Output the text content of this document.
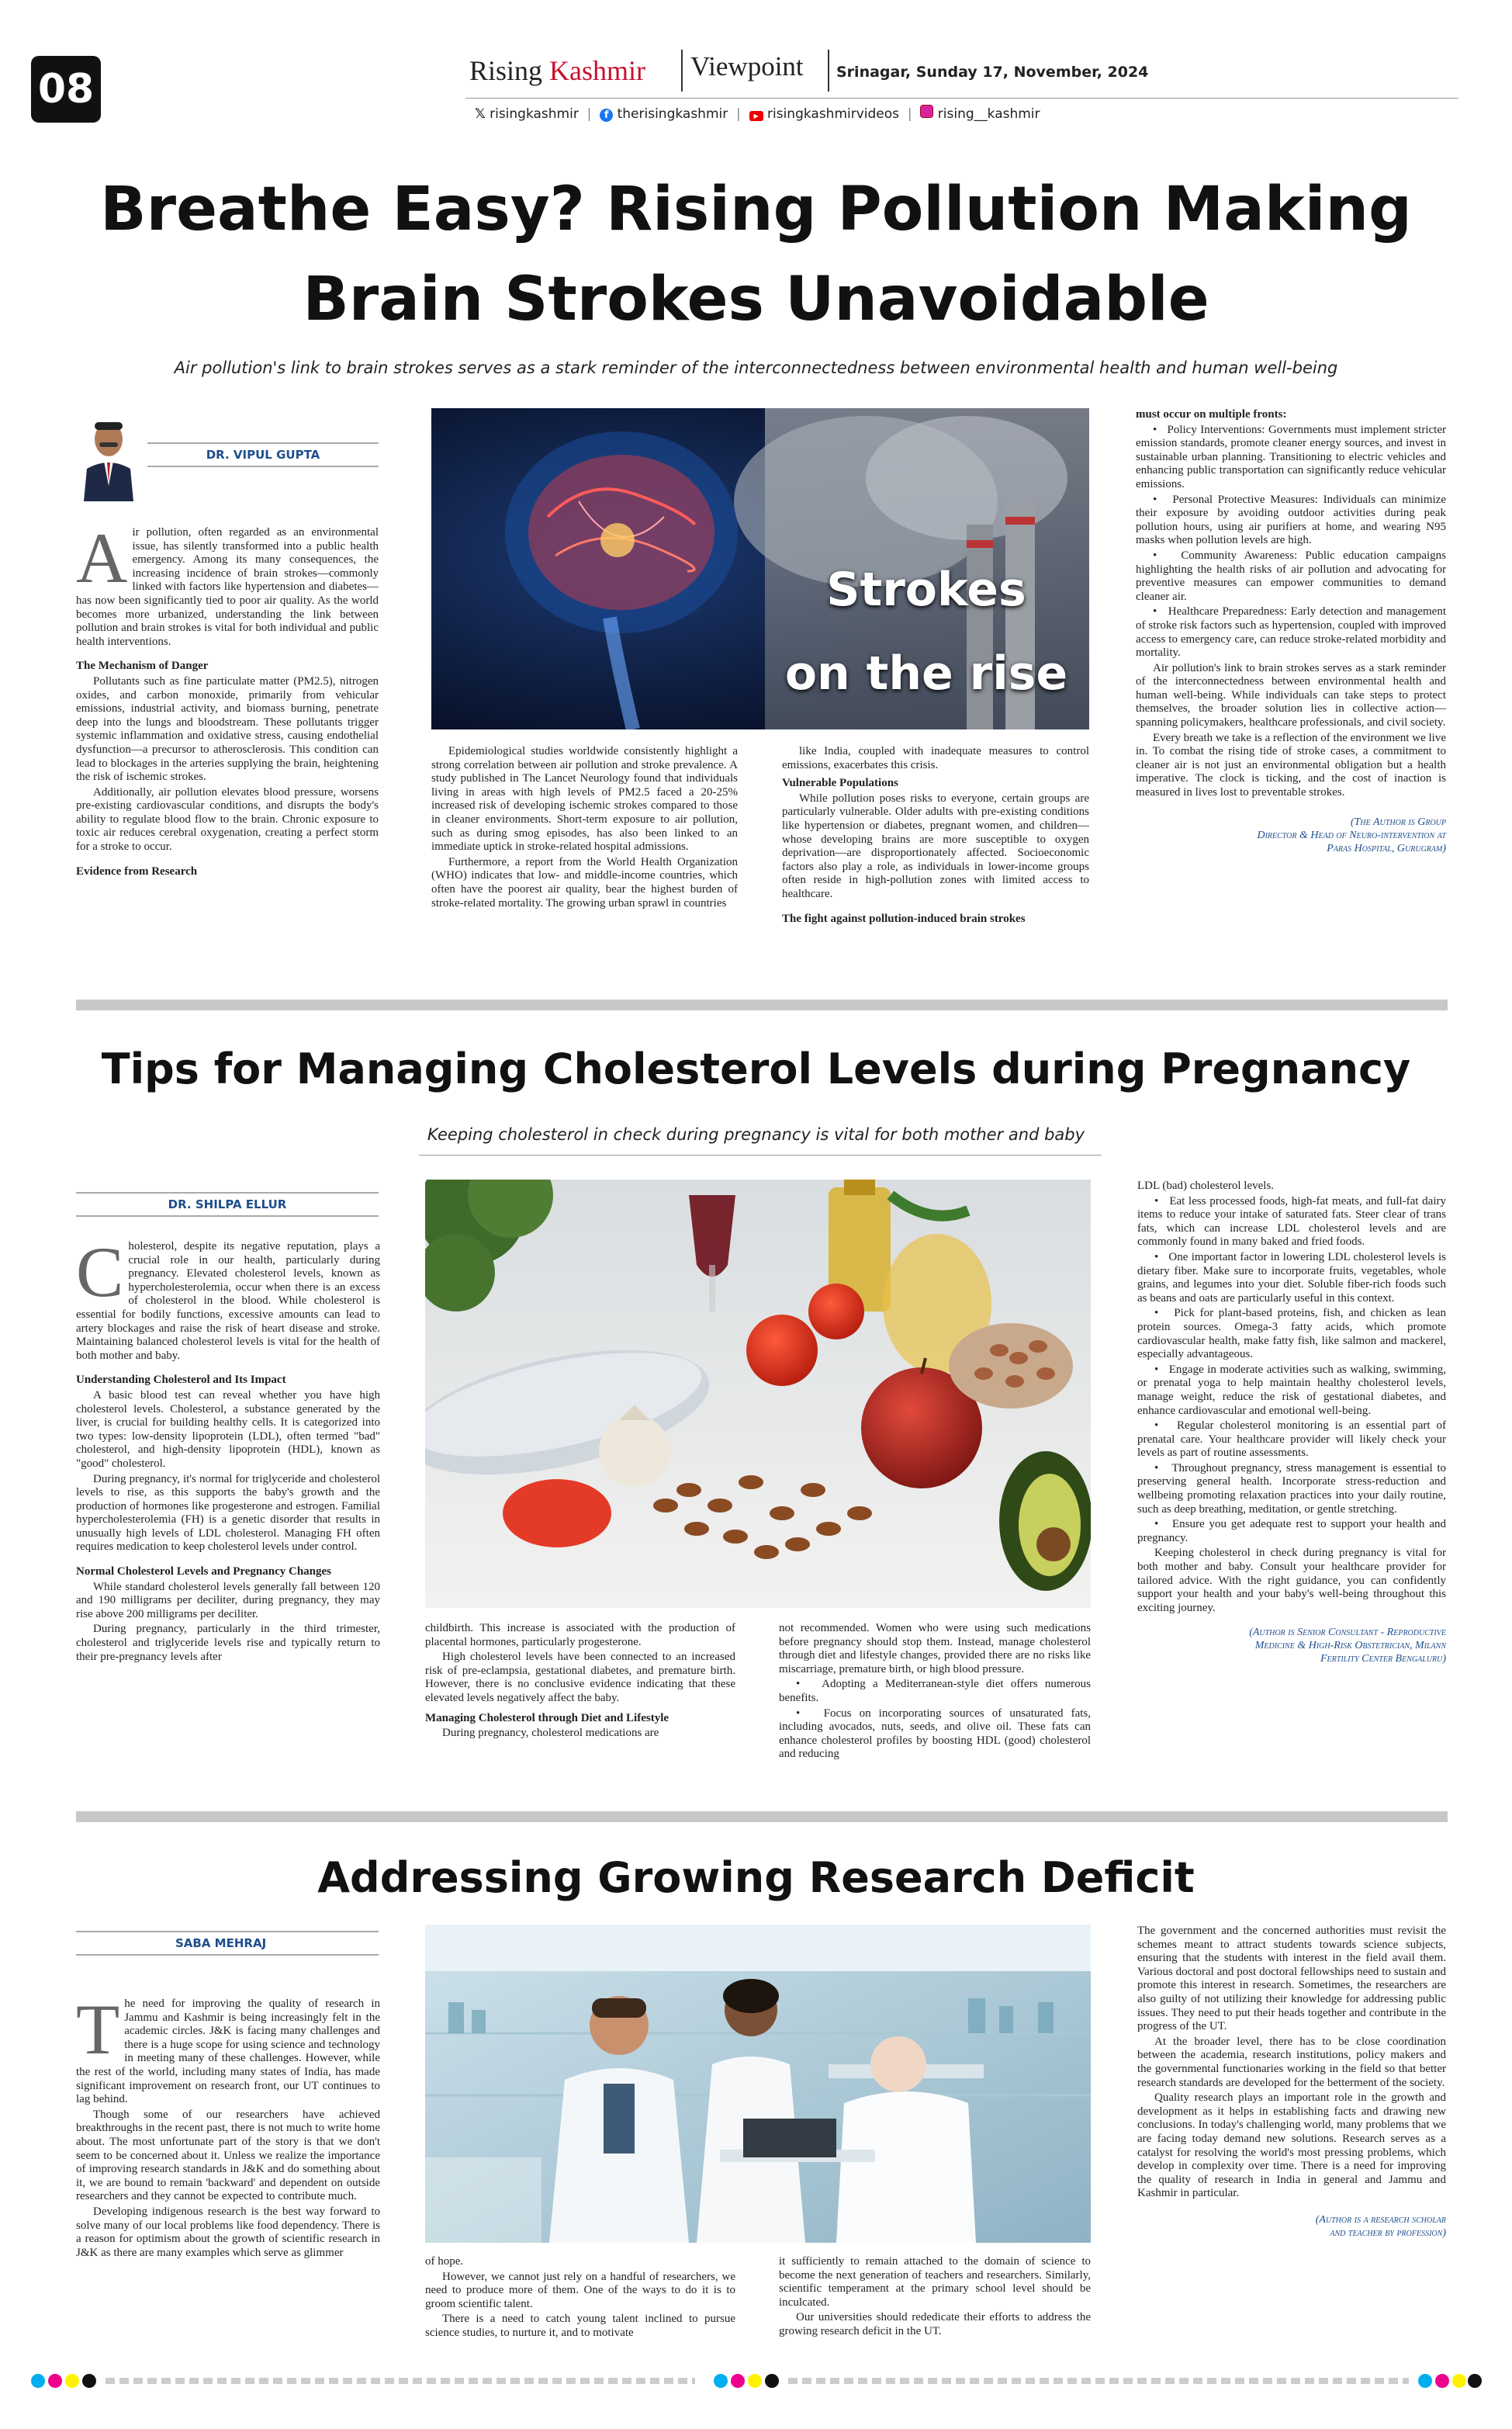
08	Rising Kashmir Viewpoint Srinagar, Sunday 17, November, 2024
𝕏 risingkashmir  |  f therisingkashmir  |  ▶ risingkashmirvideos  |   rising__kashmir
Breathe Easy? Rising Pollution Making
Brain Strokes Unavoidable
Air pollution's link to brain strokes serves as a stark reminder of the interconnectedness between environmental health and human well-being
DR. VIPUL GUPTA

Air pollution, often regarded as an environmental issue, has silently transformed into a public health emergency. Among its many consequences, the increasing incidence of brain strokes—commonly linked with factors like hypertension and diabetes—has now been significantly tied to poor air quality. As the world becomes more urbanized, understanding the link between pollution and brain strokes is vital for both individual and public health interventions.

The Mechanism of Danger

Pollutants such as fine particulate matter (PM2.5), nitrogen oxides, and carbon monoxide, primarily from vehicular emissions, industrial activity, and biomass burning, penetrate deep into the lungs and bloodstream. These pollutants trigger systemic inflammation and oxidative stress, causing endothelial dysfunction—a precursor to atherosclerosis. This condition can lead to blockages in the arteries supplying the brain, heightening the risk of ischemic strokes.

Additionally, air pollution elevates blood pressure, worsens pre-existing cardiovascular conditions, and disrupts the body's ability to regulate blood flow to the brain. Chronic exposure to toxic air reduces cerebral oxygenation, creating a perfect storm for a stroke to occur.

Evidence from Research

Strokes
on the rise

Epidemiological studies worldwide consistently highlight a strong correlation between air pollution and stroke prevalence. A study published in The Lancet Neurology found that individuals living in areas with high levels of PM2.5 faced a 20-25% increased risk of developing ischemic strokes compared to those in cleaner environments. Short-term exposure to air pollution, such as during smog episodes, has also been linked to an immediate uptick in stroke-related hospital admissions.

Furthermore, a report from the World Health Organization (WHO) indicates that low- and middle-income countries, which often have the poorest air quality, bear the highest burden of stroke-related mortality. The growing urban sprawl in countries

like India, coupled with inadequate measures to control emissions, exacerbates this crisis.

Vulnerable Populations

While pollution poses risks to everyone, certain groups are particularly vulnerable. Older adults with pre-existing conditions like hypertension or diabetes, pregnant women, and children—whose developing brains are more susceptible to oxygen deprivation—are disproportionately affected. Socioeconomic factors also play a role, as individuals in lower-income groups often reside in high-pollution zones with limited access to healthcare.

The fight against pollution-induced brain strokes

must occur on multiple fronts:

•   Policy Interventions: Governments must implement stricter emission standards, promote cleaner energy sources, and invest in sustainable urban planning. Transitioning to electric vehicles and enhancing public transportation can significantly reduce vehicular emissions.

•   Personal Protective Measures: Individuals can minimize their exposure by avoiding outdoor activities during peak pollution hours, using air purifiers at home, and wearing N95 masks when pollution levels are high.

•   Community Awareness: Public education campaigns highlighting the health risks of air pollution and advocating for preventive measures can empower communities to demand cleaner air.

•   Healthcare Preparedness: Early detection and management of stroke risk factors such as hypertension, coupled with improved access to emergency care, can reduce stroke-related morbidity and mortality.

Air pollution's link to brain strokes serves as a stark reminder of the interconnectedness between environmental health and human well-being. While individuals can take steps to protect themselves, the broader solution lies in collective action—spanning policymakers, healthcare professionals, and civil society.

Every breath we take is a reflection of the environment we live in. To combat the rising tide of stroke cases, a commitment to cleaner air is not just an environmental obligation but a health imperative. The clock is ticking, and the cost of inaction is measured in lives lost to preventable strokes.

(The Author is Group
Director & Head of Neuro-intervention at
Paras Hospital, Gurugram)
Tips for Managing Cholesterol Levels during Pregnancy
Keeping cholesterol in check during pregnancy is vital for both mother and baby
DR. SHILPA ELLUR

Cholesterol, despite its negative reputation, plays a crucial role in our health, particularly during pregnancy. Elevated cholesterol levels, known as hypercholesterolemia, occur when there is an excess of cholesterol in the blood. While cholesterol is essential for bodily functions, excessive amounts can lead to artery blockages and raise the risk of heart disease and stroke. Maintaining balanced cholesterol levels is vital for the health of both mother and baby.

Understanding Cholesterol and Its Impact

A basic blood test can reveal whether you have high cholesterol levels. Cholesterol, a substance generated by the liver, is crucial for building healthy cells. It is categorized into two types: low-density lipoprotein (LDL), often termed "bad" cholesterol, and high-density lipoprotein (HDL), known as "good" cholesterol.

During pregnancy, it's normal for triglyceride and cholesterol levels to rise, as this supports the baby's growth and the production of hormones like progesterone and estrogen. Familial hypercholesterolemia (FH) is a genetic disorder that results in unusually high levels of LDL cholesterol. Managing FH often requires medication to keep cholesterol levels under control.

Normal Cholesterol Levels and Pregnancy Changes

While standard cholesterol levels generally fall between 120 and 190 milligrams per deciliter, during pregnancy, they may rise above 200 milligrams per deciliter.

During pregnancy, particularly in the third trimester, cholesterol and triglyceride levels rise and typically return to their pre-pregnancy levels after

childbirth. This increase is associated with the production of placental hormones, particularly progesterone.

High cholesterol levels have been connected to an increased risk of pre-eclampsia, gestational diabetes, and premature birth. However, there is no conclusive evidence indicating that these elevated levels negatively affect the baby.

Managing Cholesterol through Diet and Lifestyle

During pregnancy, cholesterol medications are

not recommended. Women who were using such medications before pregnancy should stop them. Instead, manage cholesterol through diet and lifestyle changes, provided there are no risks like miscarriage, premature birth, or high blood pressure.

•   Adopting a Mediterranean-style diet offers numerous benefits.

•   Focus on incorporating sources of unsaturated fats, including avocados, nuts, seeds, and olive oil. These fats can enhance cholesterol profiles by boosting HDL (good) cholesterol and reducing

LDL (bad) cholesterol levels.

•   Eat less processed foods, high-fat meats, and full-fat dairy items to reduce your intake of saturated fats. Steer clear of trans fats, which can increase LDL cholesterol levels and are commonly found in many baked and fried foods.

•   One important factor in lowering LDL cholesterol levels is dietary fiber. Make sure to incorporate fruits, vegetables, whole grains, and legumes into your diet. Soluble fiber-rich foods such as beans and oats are particularly useful in this context.

•   Pick for plant-based proteins, fish, and chicken as lean protein sources. Omega-3 fatty acids, which promote cardiovascular health, make fatty fish, like salmon and mackerel, especially advantageous.

•   Engage in moderate activities such as walking, swimming, or prenatal yoga to help maintain healthy cholesterol levels, manage weight, reduce the risk of gestational diabetes, and enhance cardiovascular and emotional well-being.

•   Regular cholesterol monitoring is an essential part of prenatal care. Your healthcare provider will likely check your levels as part of routine assessments.

•   Throughout pregnancy, stress management is essential to preserving general health. Incorporate stress-reduction and wellbeing promoting relaxation practices into your daily routine, such as deep breathing, meditation, or gentle stretching.

•   Ensure you get adequate rest to support your health and pregnancy.

Keeping cholesterol in check during pregnancy is vital for both mother and baby. Consult your healthcare provider for tailored advice. With the right guidance, you can confidently support your health and your baby's well-being throughout this exciting journey.

(Author is Senior Consultant - Reproductive
Medicine & High-Risk Obstetrician, Milann
Fertility Center Bengaluru)
Addressing Growing Research Deficit
SABA MEHRAJ

The need for improving the quality of research in Jammu and Kashmir is being increasingly felt in the academic circles. J&K is facing many challenges and there is a huge scope for using science and technology in meeting many of these challenges. However, while the rest of the world, including many states of India, has made significant improvement on research front, our UT continues to lag behind.

Though some of our researchers have achieved breakthroughs in the recent past, there is not much to write home about. The most unfortunate part of the story is that we don't seem to be concerned about it. Unless we realize the importance of improving research standards in J&K and do something about it, we are bound to remain 'backward' and dependent on outside researchers and they cannot be expected to contribute much.

Developing indigenous research is the best way forward to solve many of our local problems like food dependency. There is a reason for optimism about the growth of scientific research in J&K as there are many examples which serve as glimmer

of hope.

However, we cannot just rely on a handful of researchers, we need to produce more of them. One of the ways to do it is to groom scientific talent.

There is a need to catch young talent inclined to pursue science studies, to nurture it, and to motivate

it sufficiently to remain attached to the domain of science to become the next generation of teachers and researchers. Similarly, scientific temperament at the primary school level should be inculcated.

Our universities should rededicate their efforts to address the growing research deficit in the UT.

The government and the concerned authorities must revisit the schemes meant to attract students towards science subjects, ensuring that the students with interest in the field avail them. Various doctoral and post doctoral fellowships need to sustain and promote this interest in research. Sometimes, the researchers are also guilty of not utilizing their knowledge for addressing public issues. They need to put their heads together and contribute in the progress of the UT.

At the broader level, there has to be close coordination between the academia, research institutions, policy makers and the governmental functionaries working in the field so that better research standards are developed for the betterment of the society.

Quality research plays an important role in the growth and development as it helps in establishing facts and drawing new conclusions. In today's challenging world, many problems that we are facing today demand new solutions. Research serves as a catalyst for resolving the world's most pressing problems, which develop in complexity over time. There is a need for improving the quality of research in India in general and Jammu and Kashmir in particular.

(Author is a research scholar
and teacher by profession)
